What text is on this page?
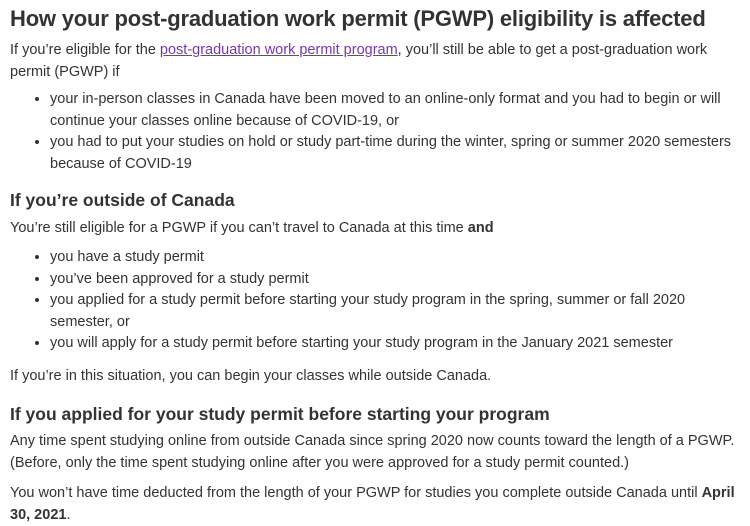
How your post-graduation work permit (PGWP) eligibility is affected

If you’re eligible for the post-graduation work permit program, you’ll still be able to get a post-graduation work permit (PGWP) if

• your in-person classes in Canada have been moved to an online-only format and you had to begin or will continue your classes online because of COVID-19, or
• you had to put your studies on hold or study part-time during the winter, spring or summer 2020 semesters because of COVID-19
If you’re outside of Canada

You’re still eligible for a PGWP if you can’t travel to Canada at this time and

• you have a study permit
• you’ve been approved for a study permit
• you applied for a study permit before starting your study program in the spring, summer or fall 2020 semester, or
• you will apply for a study permit before starting your study program in the January 2021 semester

If you’re in this situation, you can begin your classes while outside Canada.

If you applied for your study permit before starting your program

Any time spent studying online from outside Canada since spring 2020 now counts toward the length of a PGWP. (Before, only the time spent studying online after you were approved for a study permit counted.)

You won’t have time deducted from the length of your PGWP for studies you complete outside Canada until April 30, 2021.
